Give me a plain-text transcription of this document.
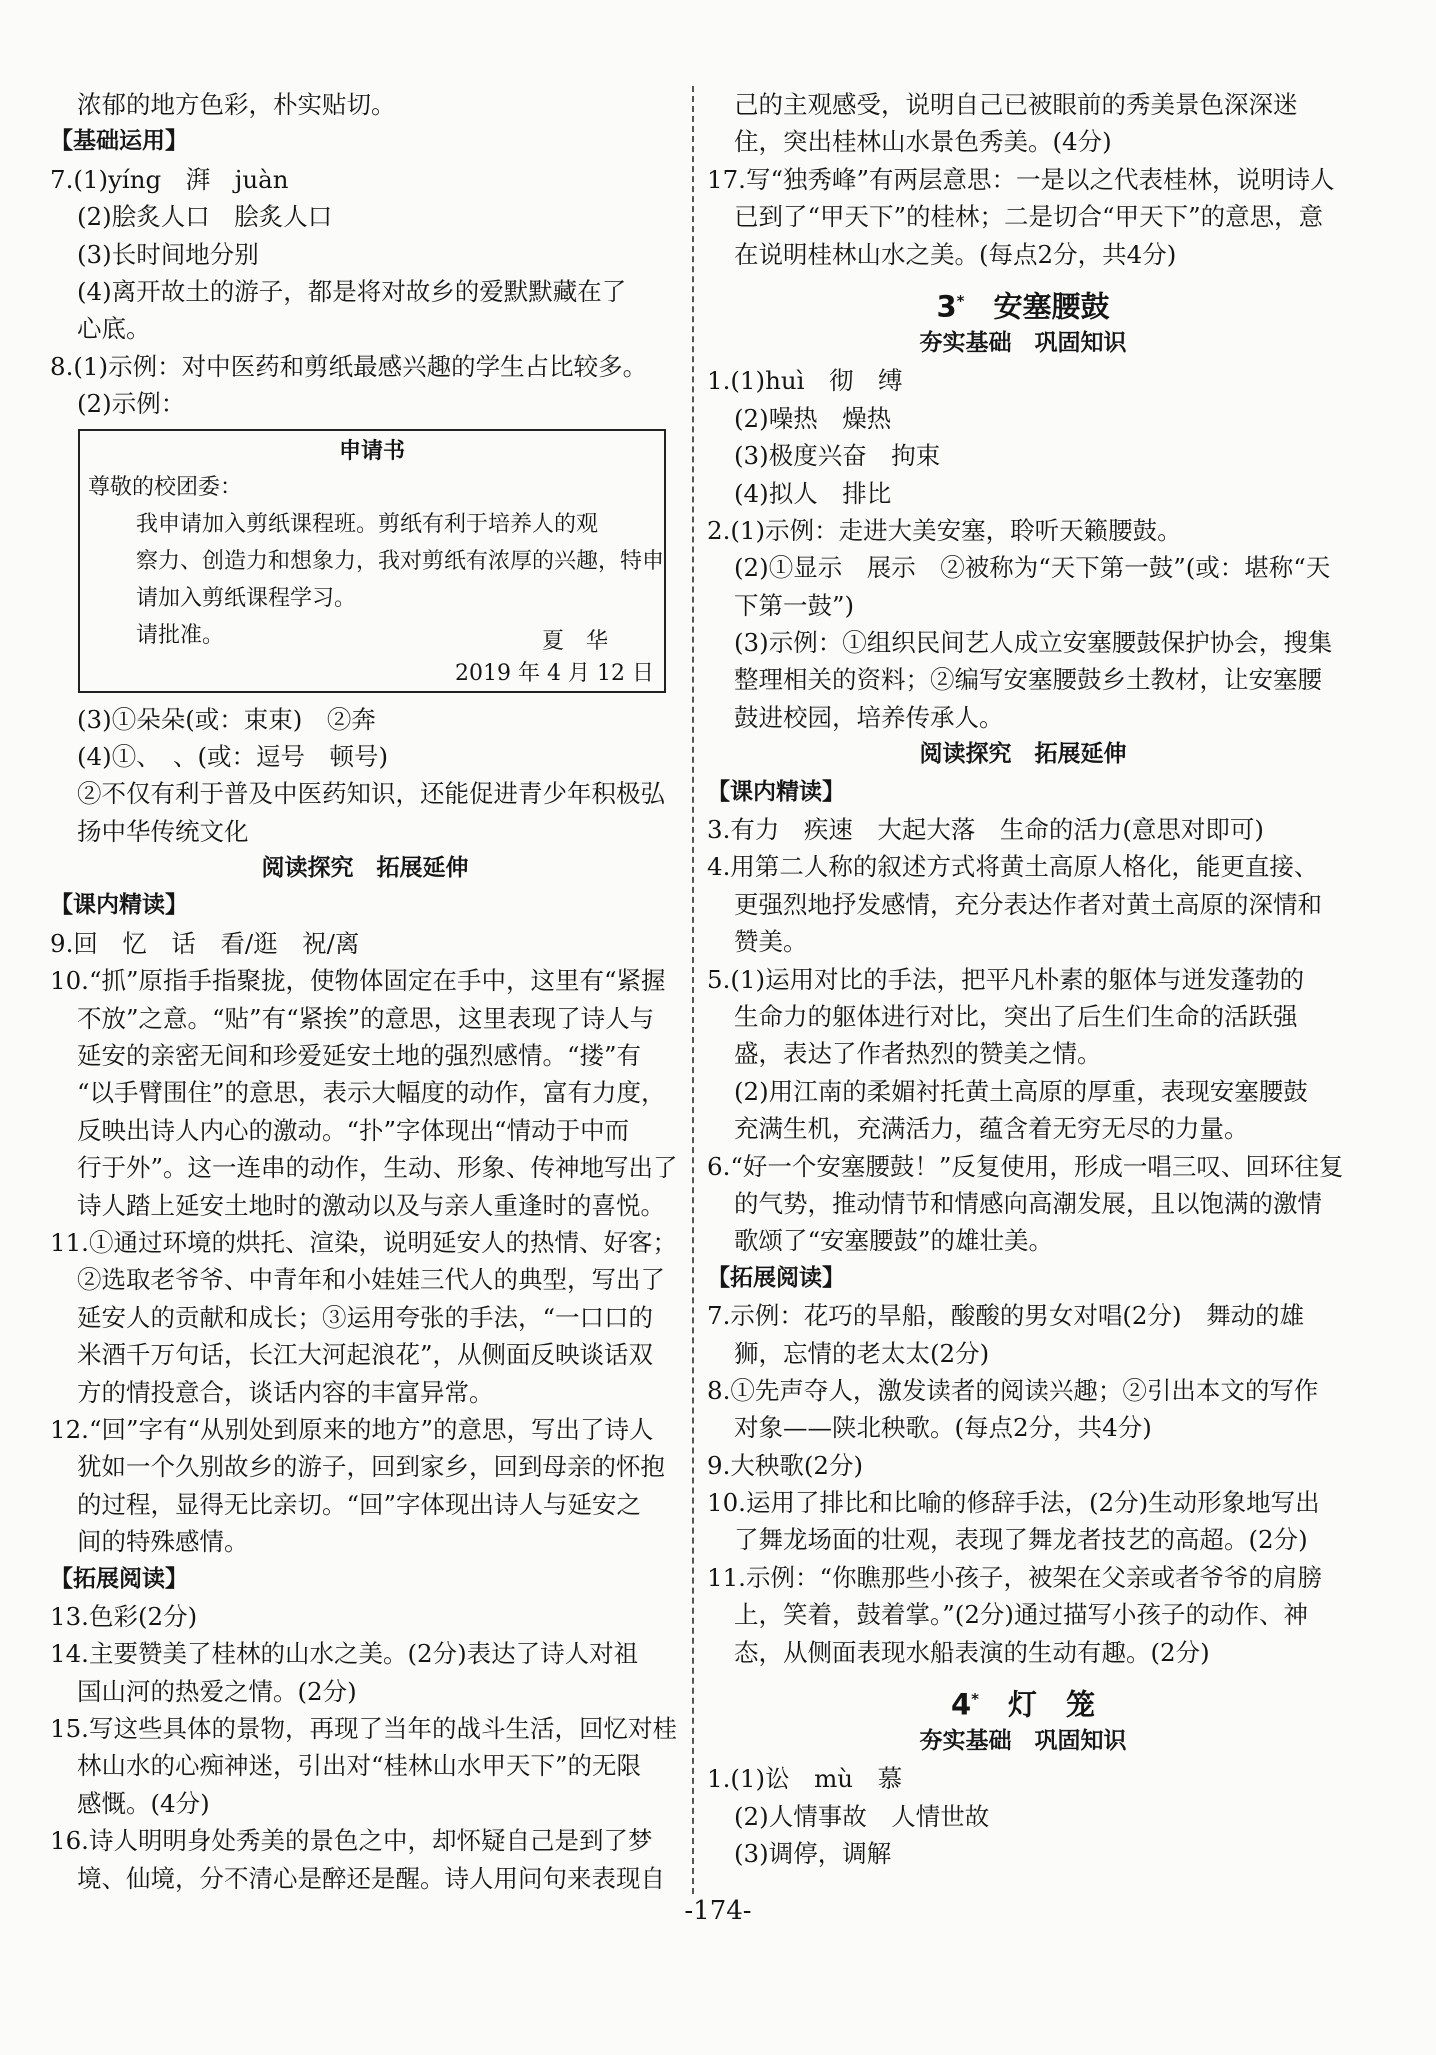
浓郁的地方色彩，朴实贴切。
【基础运用】
7.(1)yíng　湃　juàn
(2)脍炙人口　脍炙人口
(3)长时间地分别
(4)离开故土的游子，都是将对故乡的爱默默藏在了
心底。
8.(1)示例：对中医药和剪纸最感兴趣的学生占比较多。
(2)示例：
申请书
尊敬的校团委：
我申请加入剪纸课程班。剪纸有利于培养人的观
察力、创造力和想象力，我对剪纸有浓厚的兴趣，特申
请加入剪纸课程学习。
请批准。	夏　华
2019 年 4 月 12 日
(3)①朵朵(或：束束)　②奔
(4)①、　、(或：逗号　顿号)
②不仅有利于普及中医药知识，还能促进青少年积极弘
扬中华传统文化
阅读探究　拓展延伸
【课内精读】
9.回　忆　话　看/逛　祝/离
10.“抓”原指手指聚拢，使物体固定在手中，这里有“紧握
不放”之意。“贴”有“紧挨”的意思，这里表现了诗人与
延安的亲密无间和珍爱延安土地的强烈感情。“搂”有
“以手臂围住”的意思，表示大幅度的动作，富有力度，
反映出诗人内心的激动。“扑”字体现出“情动于中而
行于外”。这一连串的动作，生动、形象、传神地写出了
诗人踏上延安土地时的激动以及与亲人重逢时的喜悦。
11.①通过环境的烘托、渲染，说明延安人的热情、好客；
②选取老爷爷、中青年和小娃娃三代人的典型，写出了
延安人的贡献和成长；③运用夸张的手法，“一口口的
米酒千万句话，长江大河起浪花”，从侧面反映谈话双
方的情投意合，谈话内容的丰富异常。
12.“回”字有“从别处到原来的地方”的意思，写出了诗人
犹如一个久别故乡的游子，回到家乡，回到母亲的怀抱
的过程，显得无比亲切。“回”字体现出诗人与延安之
间的特殊感情。
【拓展阅读】
13.色彩(2分)
14.主要赞美了桂林的山水之美。(2分)表达了诗人对祖
国山河的热爱之情。(2分)
15.写这些具体的景物，再现了当年的战斗生活，回忆对桂
林山水的心痴神迷，引出对“桂林山水甲天下”的无限
感慨。(4分)
16.诗人明明身处秀美的景色之中，却怀疑自己是到了梦
境、仙境，分不清心是醉还是醒。诗人用问句来表现自
己的主观感受，说明自己已被眼前的秀美景色深深迷
住，突出桂林山水景色秀美。(4分)
17.写“独秀峰”有两层意思：一是以之代表桂林，说明诗人
已到了“甲天下”的桂林；二是切合“甲天下”的意思，意
在说明桂林山水之美。(每点2分，共4分)
3*　 安塞腰鼓
夯实基础　巩固知识
1.(1)huì　彻　缚
(2)噪热　燥热
(3)极度兴奋　拘束
(4)拟人　排比
2.(1)示例：走进大美安塞，聆听天籁腰鼓。
(2)①显示　展示　②被称为“天下第一鼓”(或：堪称“天
下第一鼓”)
(3)示例：①组织民间艺人成立安塞腰鼓保护协会，搜集
整理相关的资料；②编写安塞腰鼓乡土教材，让安塞腰
鼓进校园，培养传承人。
阅读探究　拓展延伸
【课内精读】
3.有力　疾速　大起大落　生命的活力(意思对即可)
4.用第二人称的叙述方式将黄土高原人格化，能更直接、
更强烈地抒发感情，充分表达作者对黄土高原的深情和
赞美。
5.(1)运用对比的手法，把平凡朴素的躯体与迸发蓬勃的
生命力的躯体进行对比，突出了后生们生命的活跃强
盛，表达了作者热烈的赞美之情。
(2)用江南的柔媚衬托黄土高原的厚重，表现安塞腰鼓
充满生机，充满活力，蕴含着无穷无尽的力量。
6.“好一个安塞腰鼓！”反复使用，形成一唱三叹、回环往复
的气势，推动情节和情感向高潮发展，且以饱满的激情
歌颂了“安塞腰鼓”的雄壮美。
【拓展阅读】
7.示例：花巧的旱船，酸酸的男女对唱(2分)　舞动的雄
狮，忘情的老太太(2分)
8.①先声夺人，激发读者的阅读兴趣；②引出本文的写作
对象——陕北秧歌。(每点2分，共4分)
9.大秧歌(2分)
10.运用了排比和比喻的修辞手法，(2分)生动形象地写出
了舞龙场面的壮观，表现了舞龙者技艺的高超。(2分)
11.示例：“你瞧那些小孩子，被架在父亲或者爷爷的肩膀
上，笑着，鼓着掌。”(2分)通过描写小孩子的动作、神
态，从侧面表现水船表演的生动有趣。(2分)
4*　 灯　笼
夯实基础　巩固知识
1.(1)讼　mù　慕
(2)人情事故　人情世故
(3)调停，调解
-174-
